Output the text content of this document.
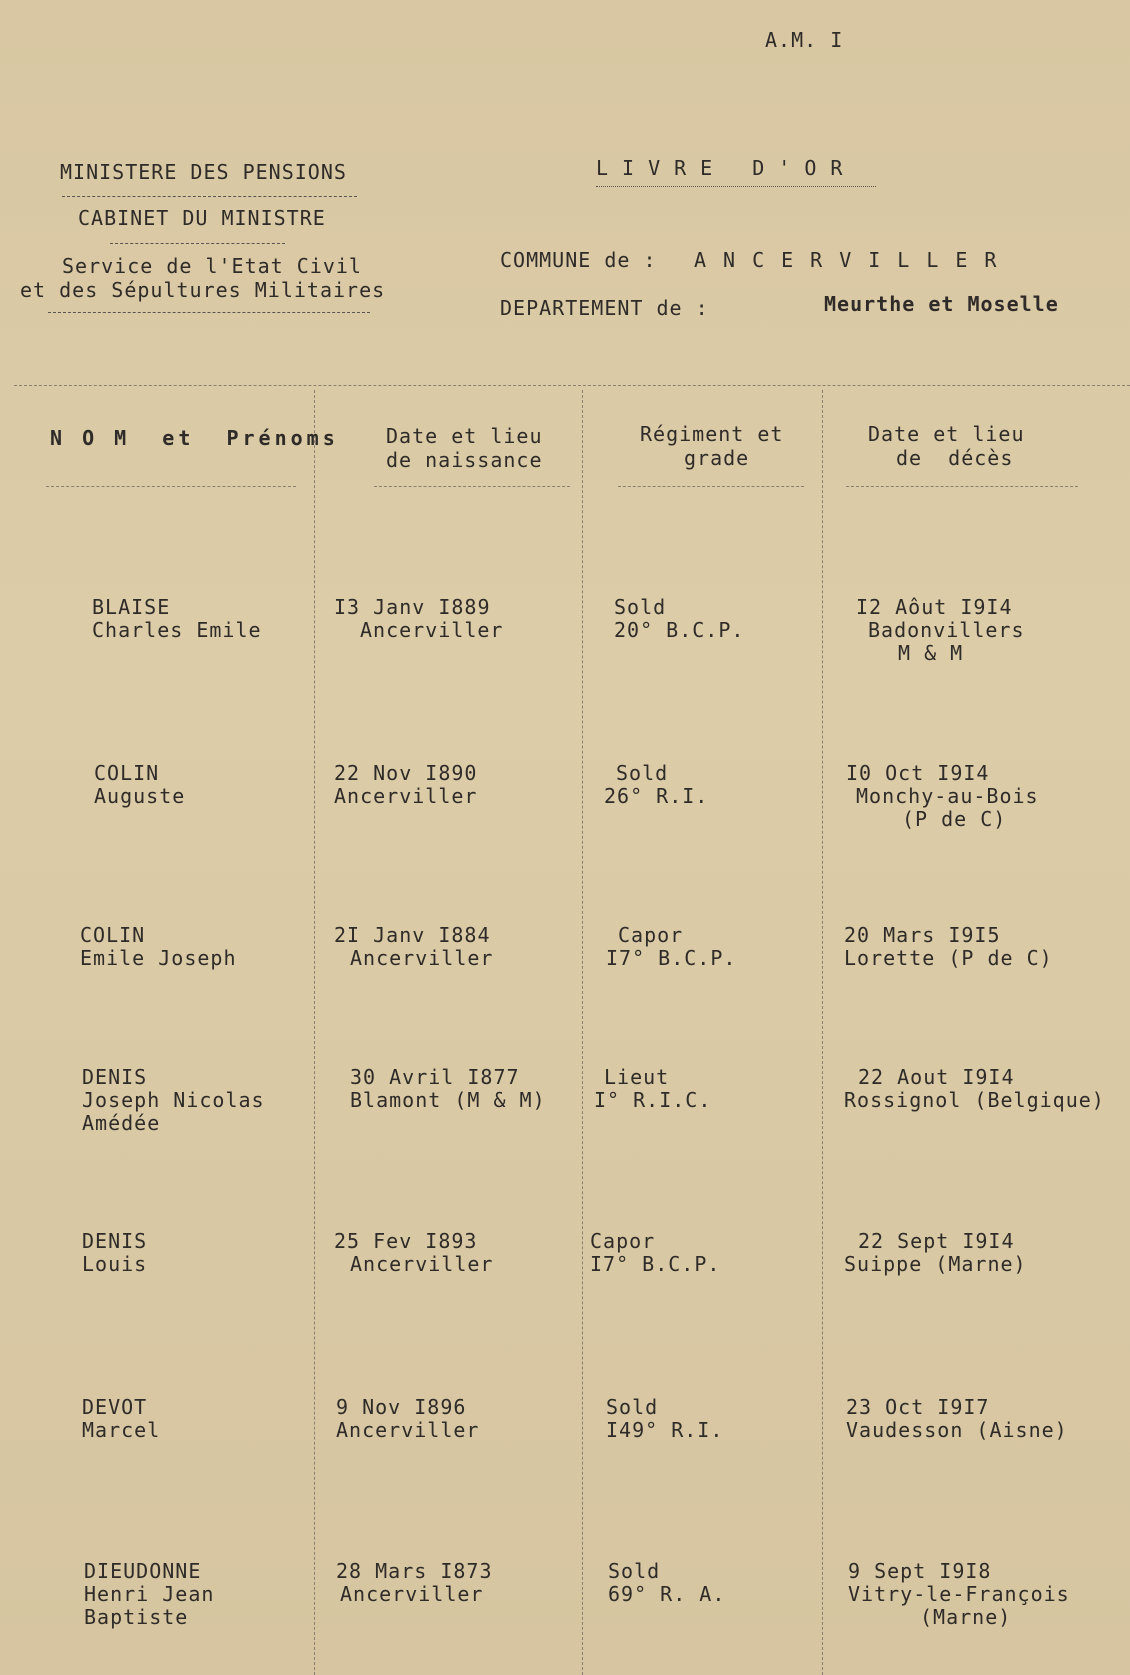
A.M. I
MINISTERE DES PENSIONS
CABINET DU MINISTRE
Service de l'Etat Civil
et des Sépultures Militaires
LIVRE D'OR
COMMUNE de : ANCERVILLER
DEPARTEMENT de :	Meurthe et Moselle
N O M  et  Prénoms Date et lieu
de naissance
Régiment et
grade
Date et lieu
de  décès
BLAISE
Charles Emile
I3 Janv I889
Ancerviller
Sold
20° B.C.P.
I2 Aôut I9I4
Badonvillers
M & M
COLIN
Auguste
22 Nov I890
Ancerviller
Sold
26° R.I.
I0 Oct I9I4
Monchy-au-Bois
(P de C)
COLIN
Emile Joseph
2I Janv I884
Ancerviller
Capor
I7° B.C.P.
20 Mars I9I5
Lorette (P de C)
DENIS
Joseph Nicolas
Amédée
30 Avril I877
Blamont (M & M)
Lieut
I° R.I.C.
22 Aout I9I4
Rossignol (Belgique)
DENIS
Louis
25 Fev I893
Ancerviller
Capor
I7° B.C.P.
22 Sept I9I4
Suippe (Marne)
DEVOT
Marcel
9 Nov I896
Ancerviller
Sold
I49° R.I.
23 Oct I9I7
Vaudesson (Aisne)
DIEUDONNE
Henri Jean
Baptiste
28 Mars I873
Ancerviller
Sold
69° R. A.
9 Sept I9I8
Vitry-le-François
(Marne)
